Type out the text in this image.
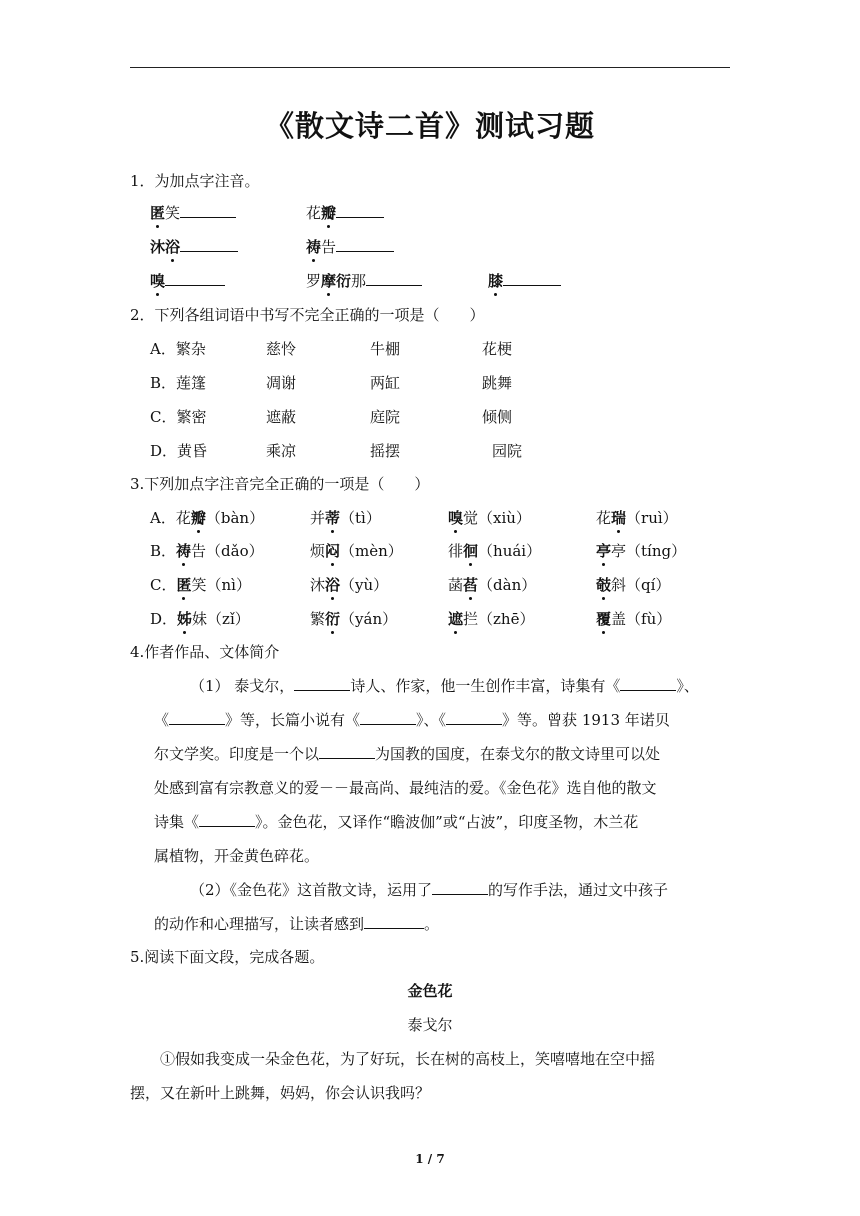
《散文诗二首》测试习题
1．为加点字注音。
匿笑	花瓣
沐浴	祷告
嗅	罗摩衍那	膝
2．下列各组词语中书写不完全正确的一项是（　　）
A．繁杂	慈怜	牛棚	花梗
B．莲篷	凋谢	两缸	跳舞
C．繁密	遮蔽	庭院	倾侧
D．黄昏	乘凉	摇摆	园院
3.下列加点字注音完全正确的一项是（　　）
A．花瓣（bàn）	并蒂（tì）	嗅觉（xiù）	花瑞（ruì）
B．祷告（dǎo）	烦闷（mèn）	徘徊（huái）	亭亭（tíng）
C．匿笑（nì）	沐浴（yù）	菡萏（dàn）	攲斜（qí）
D．姊妹（zǐ）	繁衍（yán）	遮拦（zhē）	覆盖（fù）
4.作者作品、文体简介
（1） 泰戈尔，	诗人、作家，他一生创作丰富，诗集有《	》、
《	》等，长篇小说有《	》、《	》等。曾获 1913 年诺贝
尔文学奖。印度是一个以	为国教的国度，在泰戈尔的散文诗里可以处
处感到富有宗教意义的爱－－最高尚、最纯洁的爱。《金色花》选自他的散文
诗集《	》。金色花，又译作“瞻波伽”或“占波”，印度圣物，木兰花
属植物，开金黄色碎花。
（2）《金色花》这首散文诗，运用了	的写作手法，通过文中孩子
的动作和心理描写，让读者感到	。
5.阅读下面文段，完成各题。
金色花
泰戈尔
①假如我变成一朵金色花，为了好玩，长在树的高枝上，笑嘻嘻地在空中摇
摆，又在新叶上跳舞，妈妈，你会认识我吗？
1 / 7
